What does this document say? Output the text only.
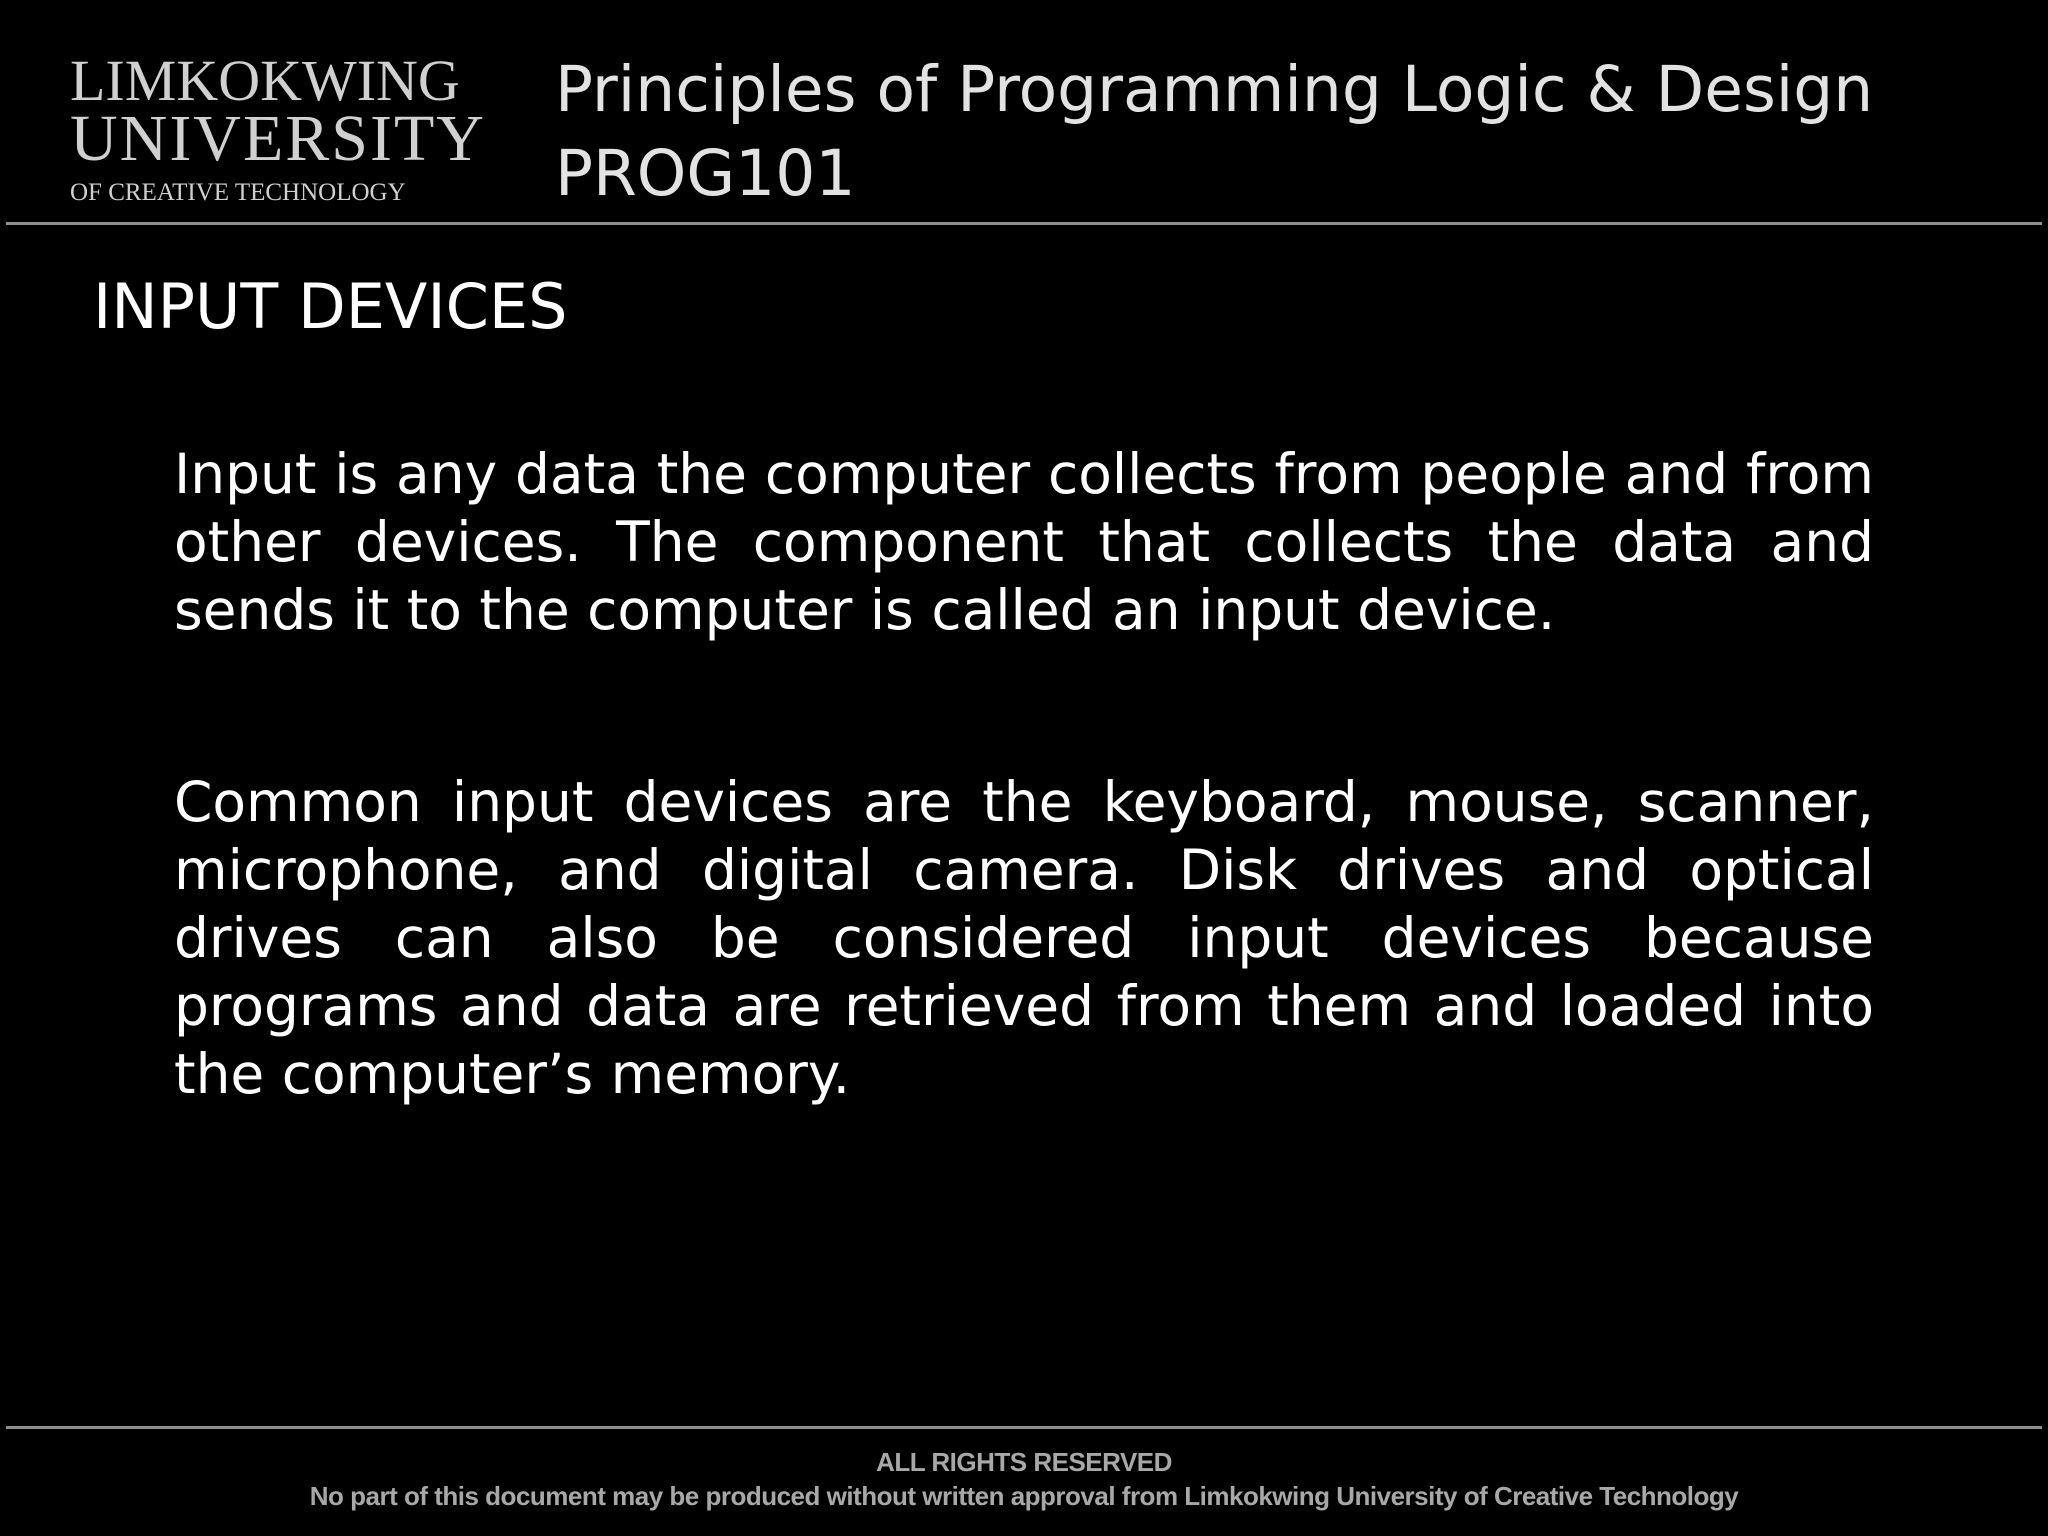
LIMKOKWING
UNIVERSITY
OF CREATIVE TECHNOLOGY
Principles of Programming Logic & Design
PROG101
INPUT DEVICES
Input is any data the computer collects from people and from other devices. The component that collects the data and sends it to the computer is called an input device.
Common input devices are the keyboard, mouse, scanner, microphone, and digital camera. Disk drives and optical drives can also be considered input devices because programs and data are retrieved from them and loaded into the computer’s memory.
ALL RIGHTS RESERVED
No part of this document may be produced without written approval from Limkokwing University of Creative Technology
